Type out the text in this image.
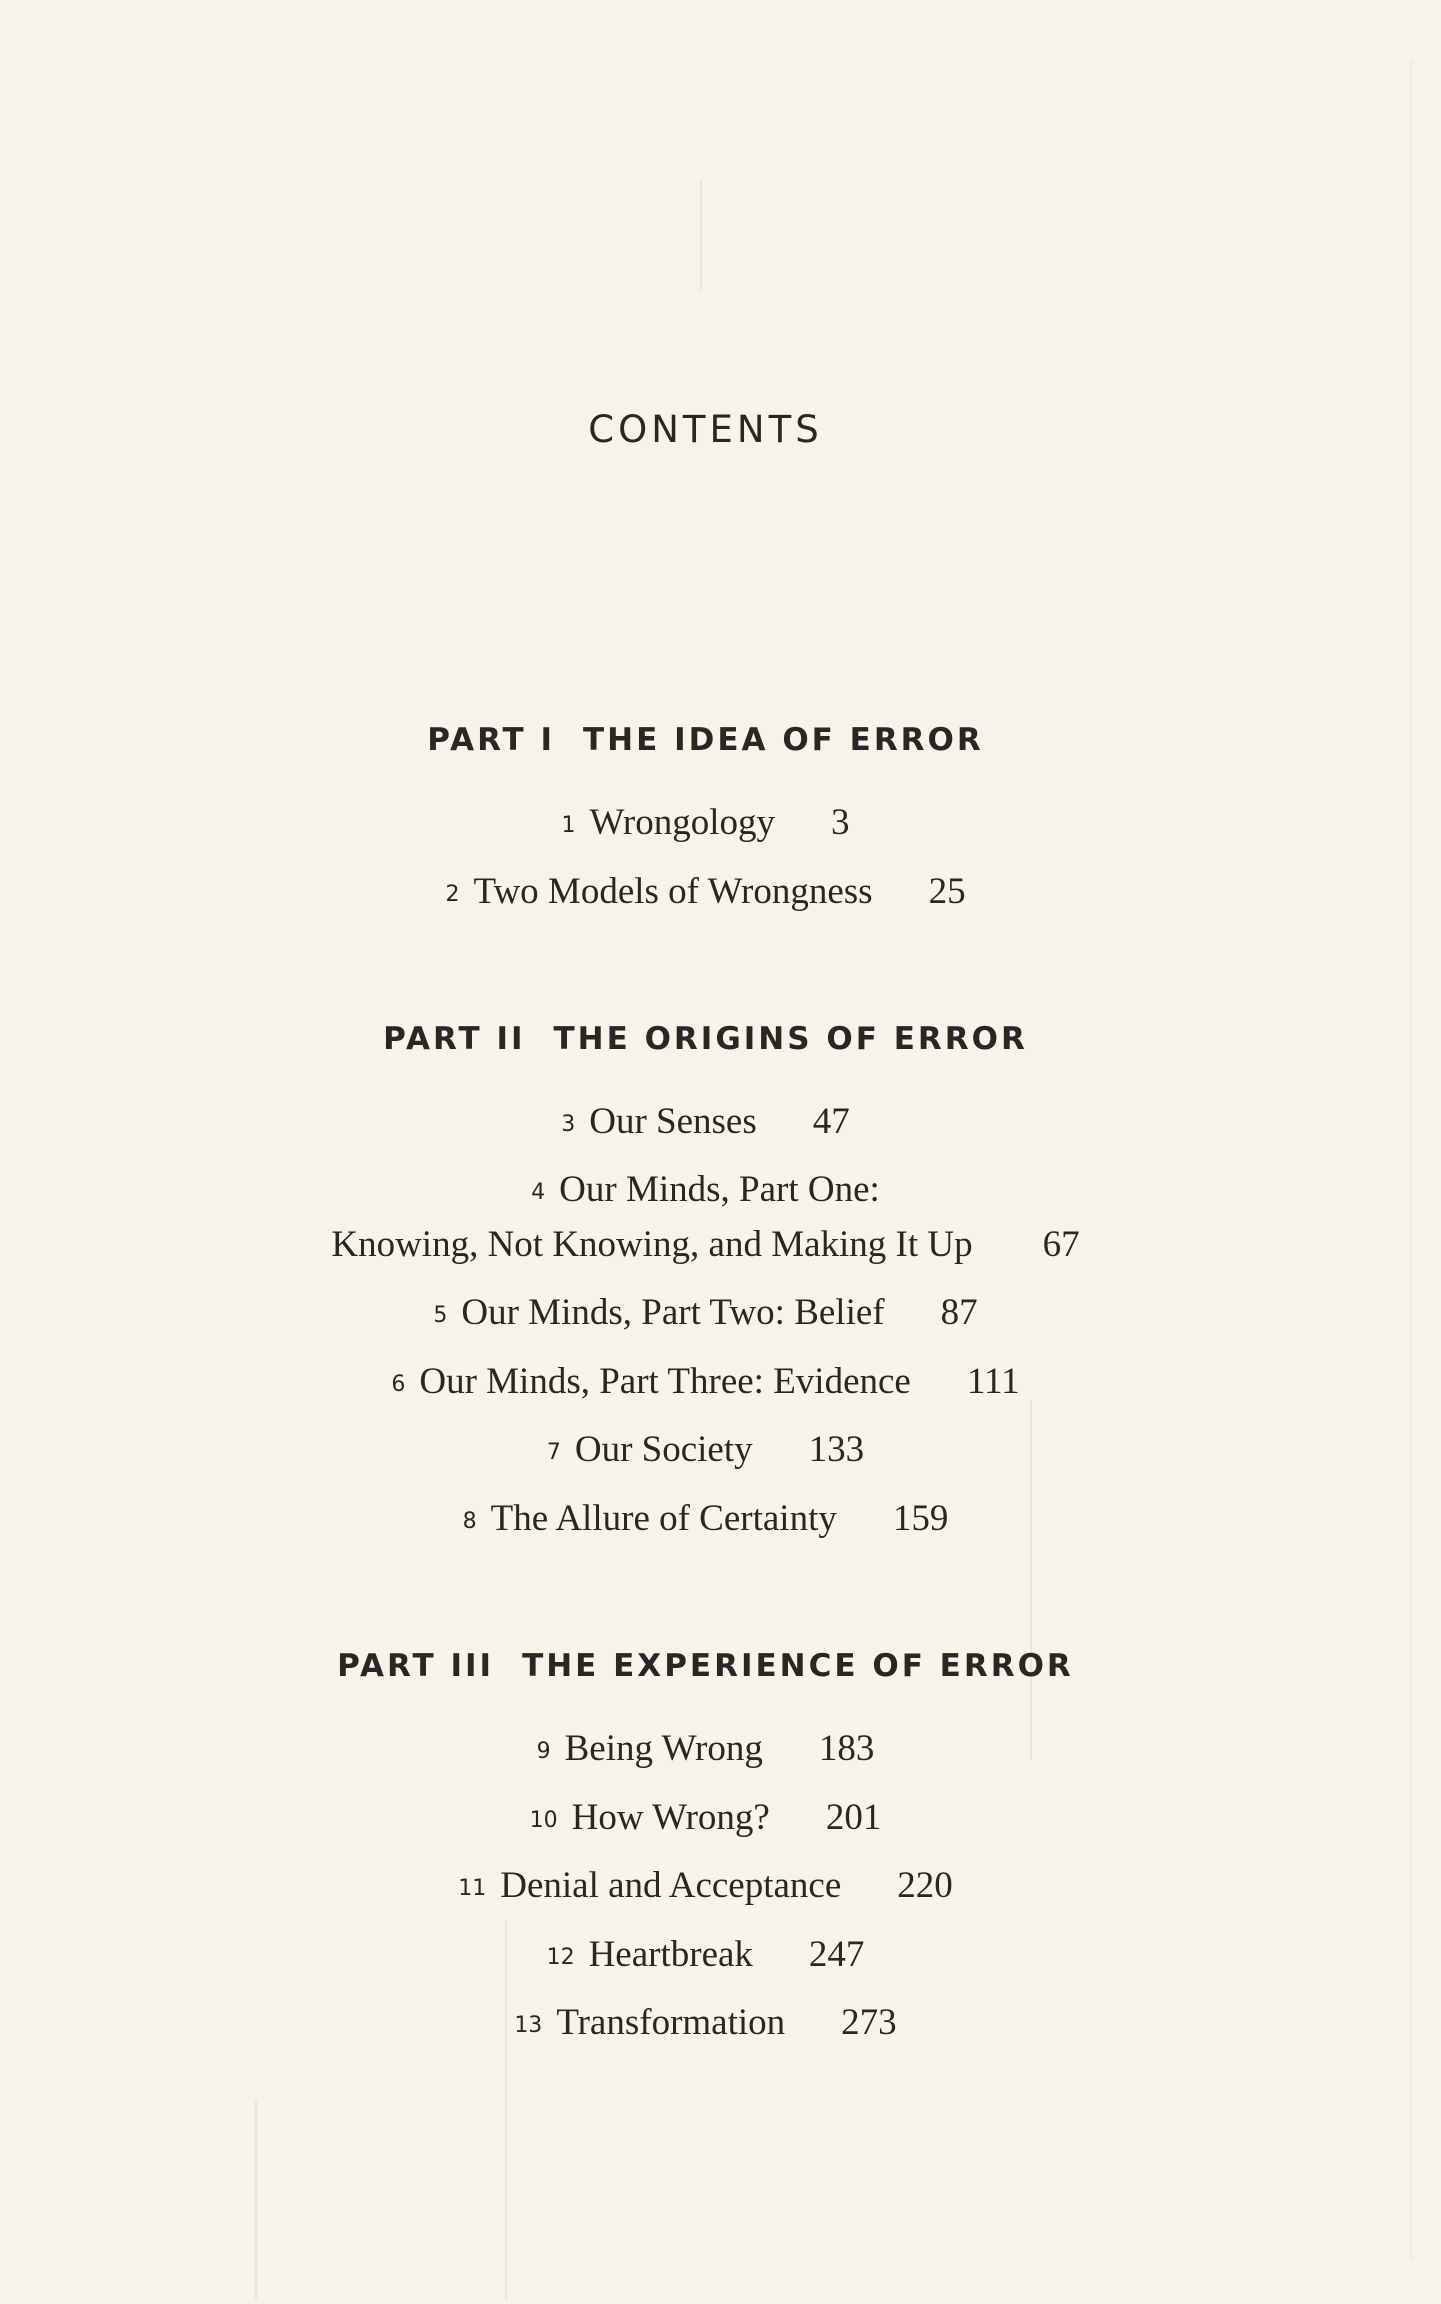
CONTENTS
PART I THE IDEA OF ERROR
1 Wrongology 3
2 Two Models of Wrongness 25
PART II THE ORIGINS OF ERROR
3 Our Senses 47
4 Our Minds, Part One:
Knowing, Not Knowing, and Making It Up 67
5 Our Minds, Part Two: Belief 87
6 Our Minds, Part Three: Evidence 111
7 Our Society 133
8 The Allure of Certainty 159
PART III THE EXPERIENCE OF ERROR
9 Being Wrong 183
10 How Wrong? 201
11 Denial and Acceptance 220
12 Heartbreak 247
13 Transformation 273
